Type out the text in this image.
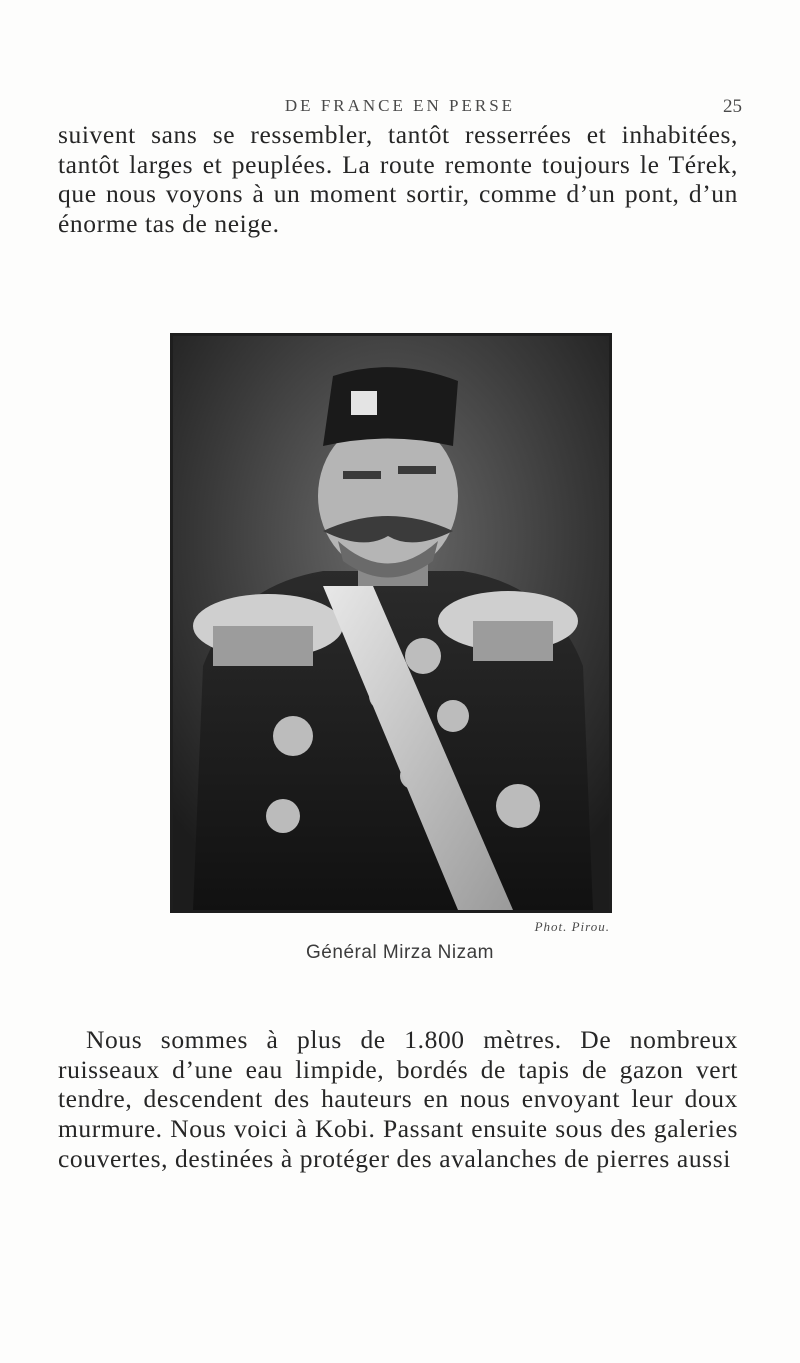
DE FRANCE EN PERSE	25

suivent sans se ressembler, tantôt resserrées et inhabitées, tantôt larges et peuplées. La route remonte toujours le Térek, que nous voyons à un moment sortir, comme d’un pont, d’un énorme tas de neige.

Phot. Pirou.
Général Mirza Nizam

Nous sommes à plus de 1.800 mètres. De nombreux ruisseaux d’une eau limpide, bordés de tapis de gazon vert tendre, descendent des hauteurs en nous envoyant leur doux murmure. Nous voici à Kobi. Passant ensuite sous des galeries couvertes, destinées à protéger des avalanches de pierres aussi
